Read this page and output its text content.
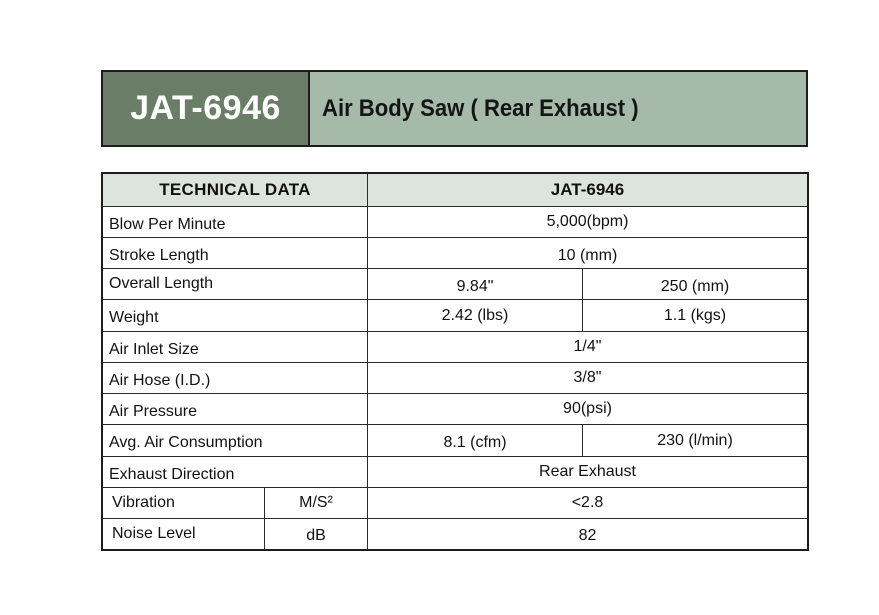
JAT-6946 Air Body Saw ( Rear Exhaust )
TECHNICAL DATA	JAT-6946
Blow Per Minute	5,000(bpm)
Stroke Length	10 (mm)
Overall Length	9.84"	250 (mm)
Weight	2.42 (lbs)	1.1 (kgs)
Air Inlet Size	1/4"
Air Hose (I.D.)	3/8"
Air Pressure	90(psi)
Avg. Air Consumption	8.1 (cfm)	230 (l/min)
Exhaust Direction	Rear Exhaust
Vibration	M/S²	<2.8
Noise Level	dB	82
